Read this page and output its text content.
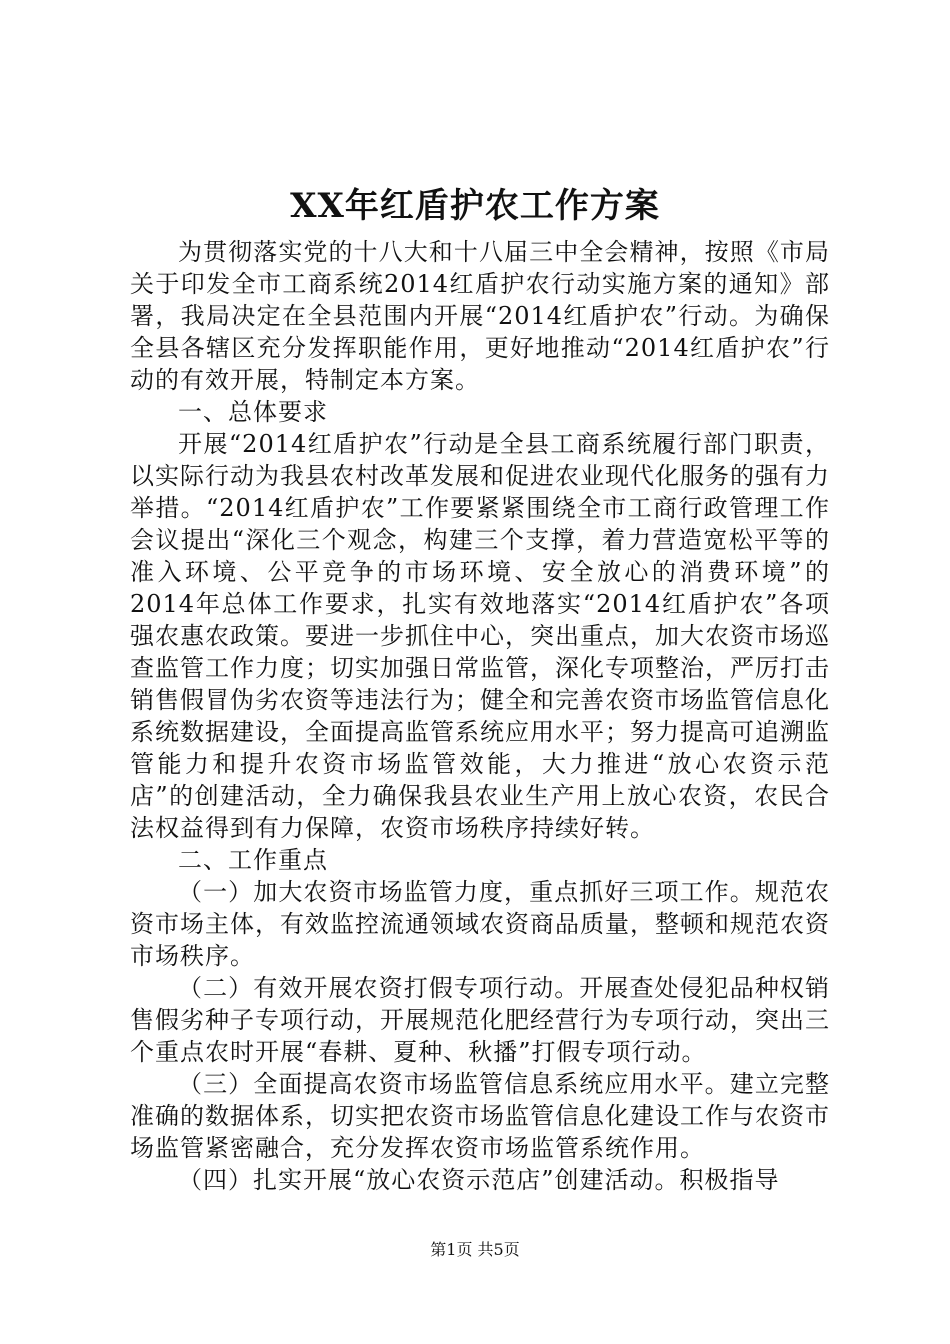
XX年红盾护农工作方案

为贯彻落实党的十八大和十八届三中全会精神，按照《市局关于印发全市工商系统2014红盾护农行动实施方案的通知》部署，我局决定在全县范围内开展“2014红盾护农”行动。为确保全县各辖区充分发挥职能作用，更好地推动“2014红盾护农”行动的有效开展，特制定本方案。

一、总体要求

开展“2014红盾护农”行动是全县工商系统履行部门职责，以实际行动为我县农村改革发展和促进农业现代化服务的强有力举措。“2014红盾护农”工作要紧紧围绕全市工商行政管理工作会议提出“深化三个观念，构建三个支撑，着力营造宽松平等的准入环境、公平竞争的市场环境、安全放心的消费环境”的2014年总体工作要求，扎实有效地落实“2014红盾护农”各项强农惠农政策。要进一步抓住中心，突出重点，加大农资市场巡查监管工作力度；切实加强日常监管，深化专项整治，严厉打击销售假冒伪劣农资等违法行为；健全和完善农资市场监管信息化系统数据建设，全面提高监管系统应用水平；努力提高可追溯监管能力和提升农资市场监管效能，大力推进“放心农资示范店”的创建活动，全力确保我县农业生产用上放心农资，农民合法权益得到有力保障，农资市场秩序持续好转。

二、工作重点

（一）加大农资市场监管力度，重点抓好三项工作。规范农资市场主体，有效监控流通领域农资商品质量，整顿和规范农资市场秩序。

（二）有效开展农资打假专项行动。开展查处侵犯品种权销售假劣种子专项行动，开展规范化肥经营行为专项行动，突出三个重点农时开展“春耕、夏种、秋播”打假专项行动。

（三）全面提高农资市场监管信息系统应用水平。建立完整准确的数据体系，切实把农资市场监管信息化建设工作与农资市场监管紧密融合，充分发挥农资市场监管系统作用。

（四）扎实开展“放心农资示范店”创建活动。积极指导

第1页 共5页
